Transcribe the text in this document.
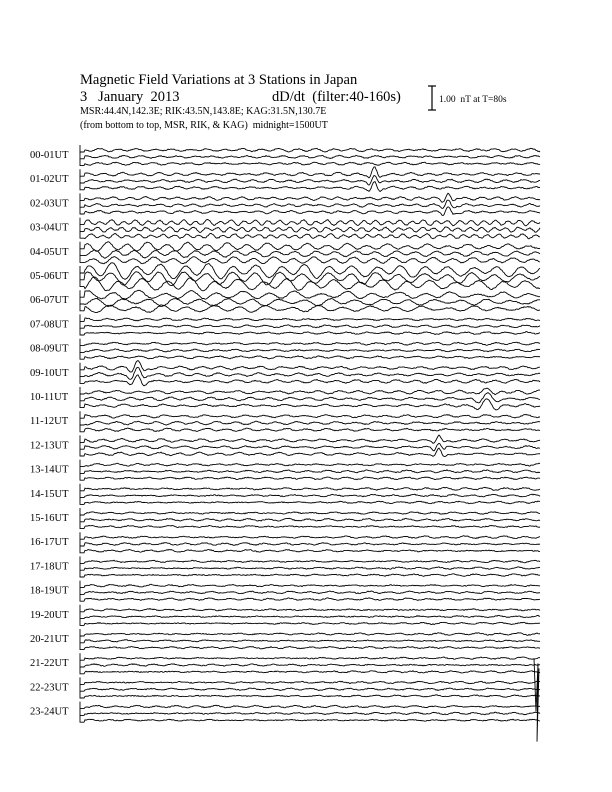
Magnetic Field Variations at 3 Stations in Japan
3   January  2013	dD/dt  (filter:40-160s)
MSR:44.4N,142.3E; RIK:43.5N,143.8E; KAG:31.5N,130.7E
(from bottom to top, MSR, RIK, & KAG) midnight=1500UT
1.00  nT at T=80s
00-01UT
01-02UT
02-03UT
03-04UT
04-05UT
05-06UT
06-07UT
07-08UT
08-09UT
09-10UT
10-11UT
11-12UT
12-13UT
13-14UT
14-15UT
15-16UT
16-17UT
17-18UT
18-19UT
19-20UT
20-21UT
21-22UT
22-23UT
23-24UT
